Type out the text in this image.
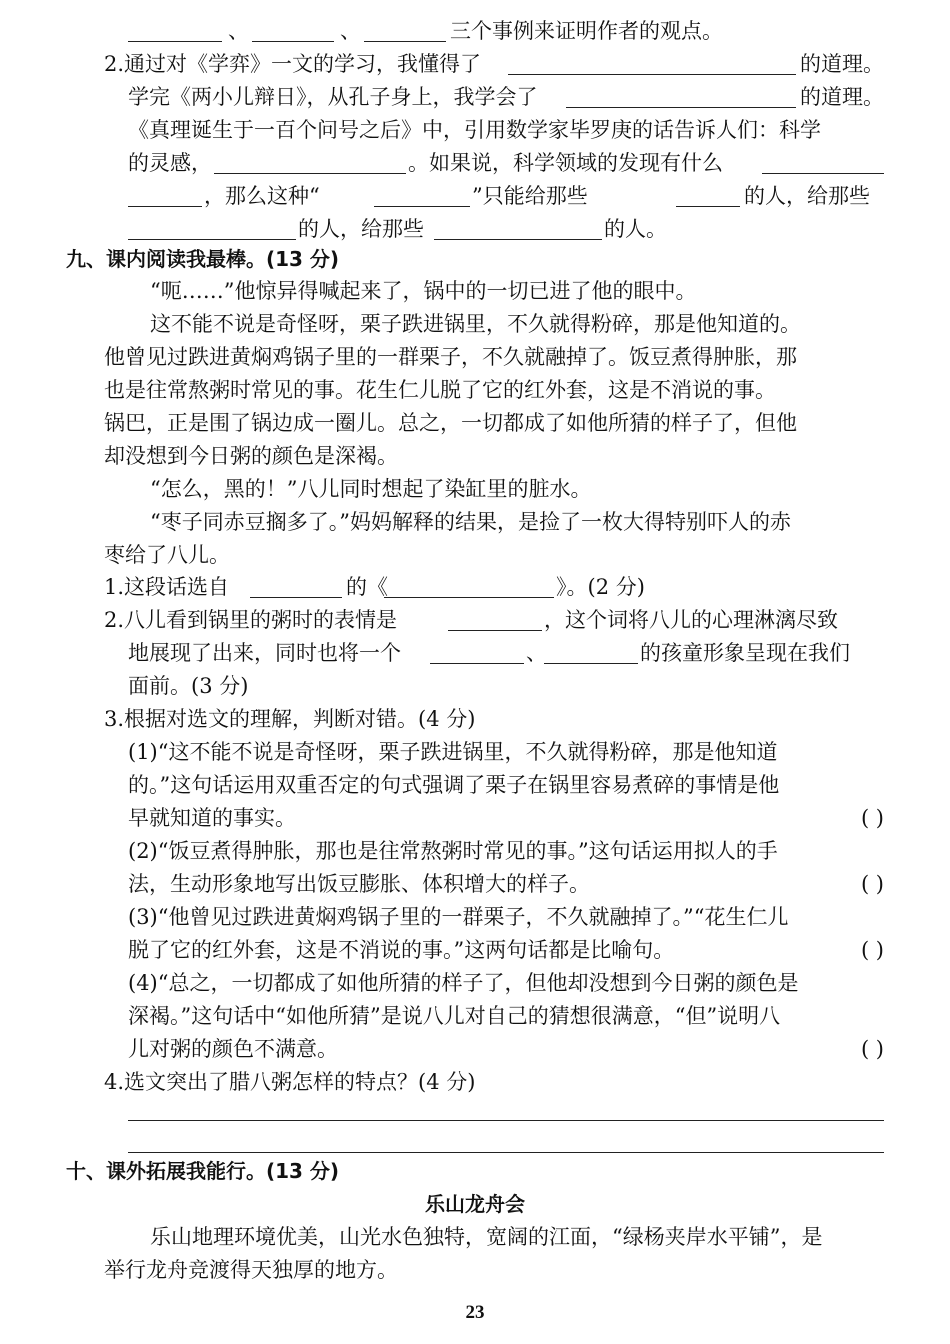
、	、	三个事例来证明作者的观点。
2.通过对《学弈》一文的学习，我懂得了	的道理。
学完《两小儿辩日》，从孔子身上，我学会了	的道理。
《真理诞生于一百个问号之后》中，引用数学家毕罗庚的话告诉人们：科学
的灵感，	。如果说，科学领域的发现有什么
，那么这种“	”只能给那些	的人，给那些
的人，给那些	的人。
九、课内阅读我最棒。(13 分)
“呃……”他惊异得喊起来了，锅中的一切已进了他的眼中。
这不能不说是奇怪呀，栗子跌进锅里，不久就得粉碎，那是他知道的。
他曾见过跌进黄焖鸡锅子里的一群栗子，不久就融掉了。饭豆煮得肿胀，那
也是往常熬粥时常见的事。花生仁儿脱了它的红外套，这是不消说的事。
锅巴，正是围了锅边成一圈儿。总之，一切都成了如他所猜的样子了，但他
却没想到今日粥的颜色是深褐。
“怎么，黑的！”八儿同时想起了染缸里的脏水。
“枣子同赤豆搁多了。”妈妈解释的结果，是捡了一枚大得特别吓人的赤
枣给了八儿。
1.这段话选自	的《	》。(2 分)
2.八儿看到锅里的粥时的表情是	，这个词将八儿的心理淋漓尽致
地展现了出来，同时也将一个	、	的孩童形象呈现在我们
面前。(3 分)
3.根据对选文的理解，判断对错。(4 分)
(1)“这不能不说是奇怪呀，栗子跌进锅里，不久就得粉碎，那是他知道
的。”这句话运用双重否定的句式强调了栗子在锅里容易煮碎的事情是他
早就知道的事实。	( )
(2)“饭豆煮得肿胀，那也是往常熬粥时常见的事。”这句话运用拟人的手
法，生动形象地写出饭豆膨胀、体积增大的样子。	( )
(3)“他曾见过跌进黄焖鸡锅子里的一群栗子，不久就融掉了。”“花生仁儿
脱了它的红外套，这是不消说的事。”这两句话都是比喻句。	( )
(4)“总之，一切都成了如他所猜的样子了，但他却没想到今日粥的颜色是
深褐。”这句话中“如他所猜”是说八儿对自己的猜想很满意，“但”说明八
儿对粥的颜色不满意。	( )
4.选文突出了腊八粥怎样的特点？(4 分)
十、课外拓展我能行。(13 分)
乐山龙舟会
乐山地理环境优美，山光水色独特，宽阔的江面，“绿杨夹岸水平铺”，是
举行龙舟竞渡得天独厚的地方。
23
